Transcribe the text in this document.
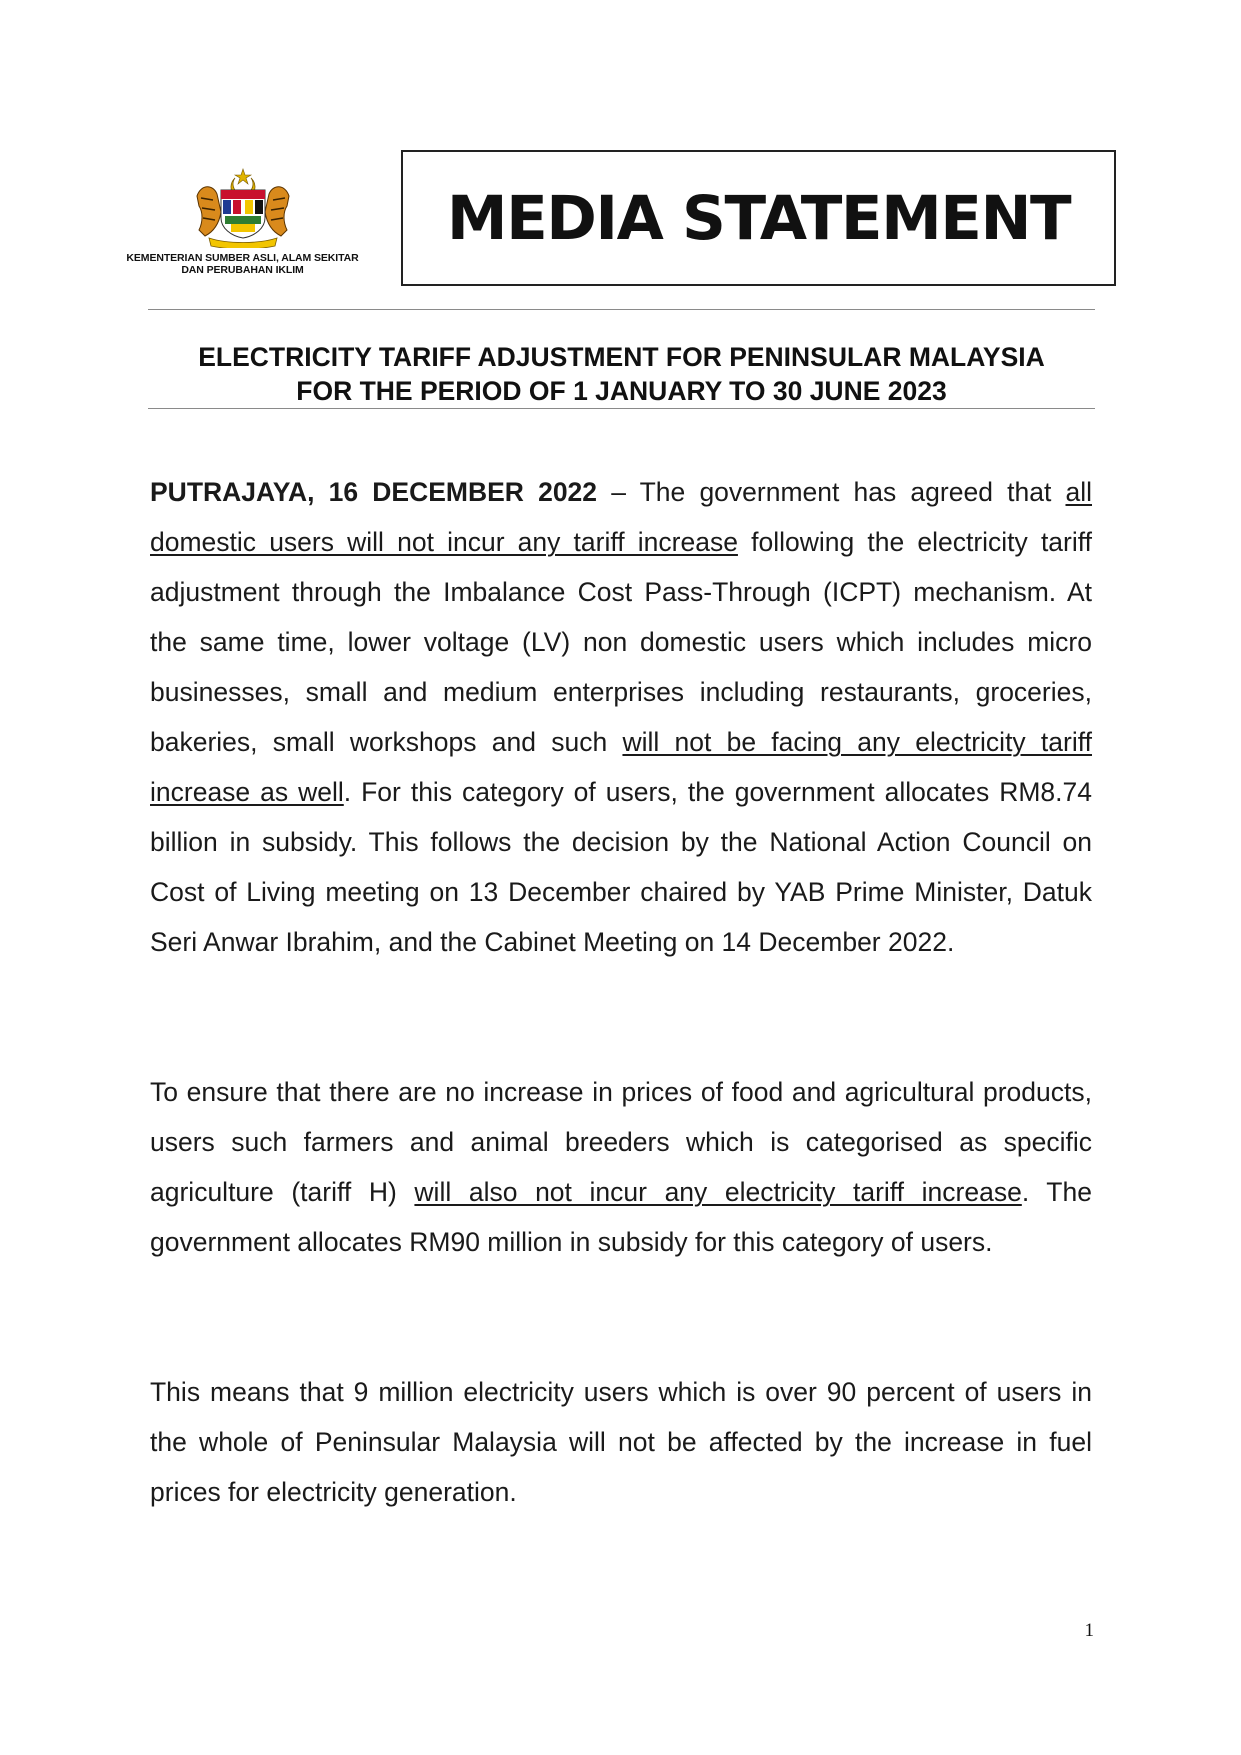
KEMENTERIAN SUMBER ASLI, ALAM SEKITAR
DAN PERUBAHAN IKLIM
MEDIA STATEMENT
ELECTRICITY TARIFF ADJUSTMENT FOR PENINSULAR MALAYSIA
FOR THE PERIOD OF 1 JANUARY TO 30 JUNE 2023
PUTRAJAYA, 16 DECEMBER 2022 – The government has agreed that all domestic users will not incur any tariff increase following the electricity tariff adjustment through the Imbalance Cost Pass-Through (ICPT) mechanism. At the same time, lower voltage (LV) non domestic users which includes micro businesses, small and medium enterprises including restaurants, groceries, bakeries, small workshops and such will not be facing any electricity tariff increase as well. For this category of users, the government allocates RM8.74 billion in subsidy. This follows the decision by the National Action Council on Cost of Living meeting on 13 December chaired by YAB Prime Minister, Datuk Seri Anwar Ibrahim, and the Cabinet Meeting on 14 December 2022.
To ensure that there are no increase in prices of food and agricultural products, users such farmers and animal breeders which is categorised as specific agriculture (tariff H) will also not incur any electricity tariff increase. The government allocates RM90 million in subsidy for this category of users.
This means that 9 million electricity users which is over 90 percent of users in the whole of Peninsular Malaysia will not be affected by the increase in fuel prices for electricity generation.
1
